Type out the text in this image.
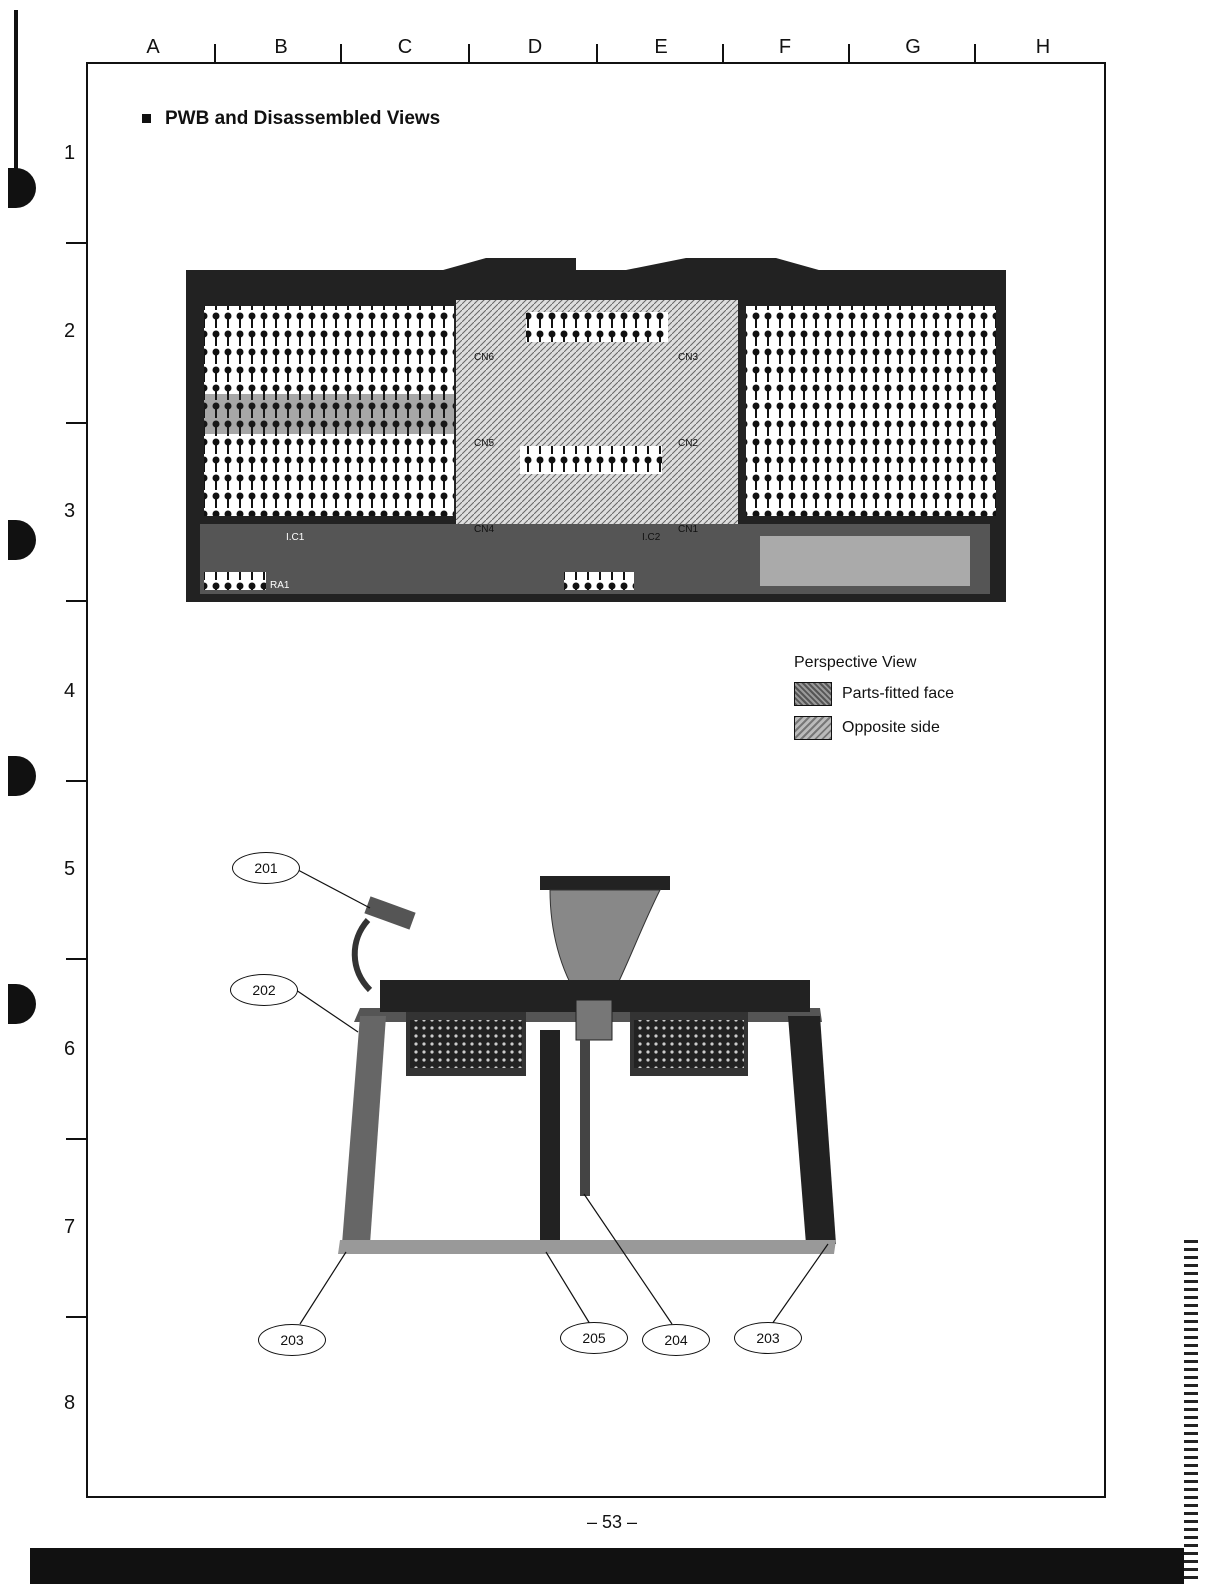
A	B	C	D	E	F	G	H
1
2
3
4
5
6
7
8
PWB and Disassembled Views
CN6
CN5
CN4
CN3
CN2
CN1
I.C1	I.C2
RA1
Perspective View
Parts-fitted face
Opposite side
201
202
203	205	204	203
– 53 –
